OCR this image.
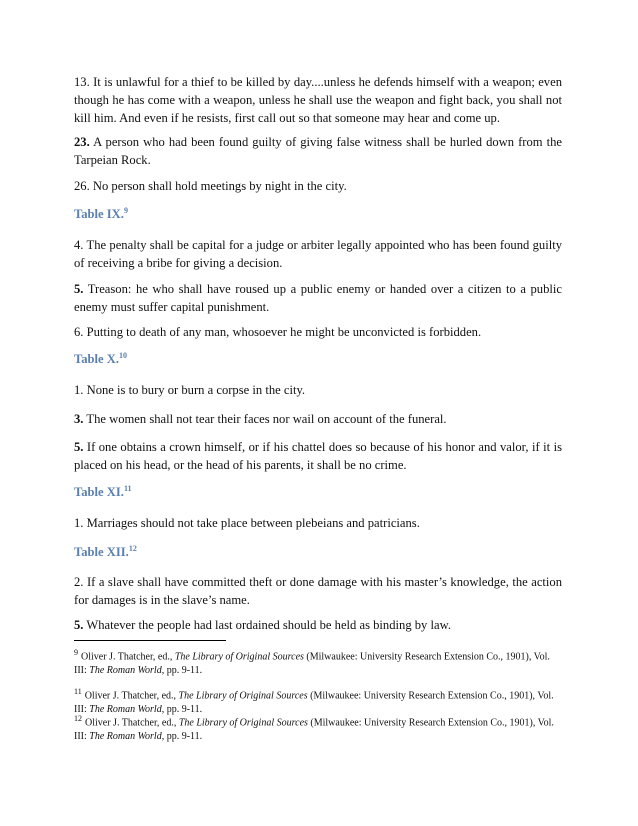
13. It is unlawful for a thief to be killed by day....unless he defends himself with a weapon; even though he has come with a weapon, unless he shall use the weapon and fight back, you shall not kill him. And even if he resists, first call out so that someone may hear and come up.

23. A person who had been found guilty of giving false witness shall be hurled down from the Tarpeian Rock.

26. No person shall hold meetings by night in the city.

Table IX.$^9$

4. The penalty shall be capital for a judge or arbiter legally appointed who has been found guilty of receiving a bribe for giving a decision.

5. Treason: he who shall have roused up a public enemy or handed over a citizen to a public enemy must suffer capital punishment.

6. Putting to death of any man, whosoever he might be unconvicted is forbidden.

Table X.$^{10}$

1. None is to bury or burn a corpse in the city.

3. The women shall not tear their faces nor wail on account of the funeral.

5. If one obtains a crown himself, or if his chattel does so because of his honor and valor, if it is placed on his head, or the head of his parents, it shall be no crime.

Table XI.$^{11}$

1. Marriages should not take place between plebeians and patricians.

Table XII.$^{12}$

2. If a slave shall have committed theft or done damage with his master’s knowledge, the action for damages is in the slave’s name.

5. Whatever the people had last ordained should be held as binding by law.

$^9$ Oliver J. Thatcher, ed., The Library of Original Sources (Milwaukee: University Research Extension Co., 1901), Vol. III: The Roman World, pp. 9-11.
$^{11}$ Oliver J. Thatcher, ed., The Library of Original Sources (Milwaukee: University Research Extension Co., 1901), Vol. III: The Roman World, pp. 9-11.
$^{12}$ Oliver J. Thatcher, ed., The Library of Original Sources (Milwaukee: University Research Extension Co., 1901), Vol. III: The Roman World, pp. 9-11.
